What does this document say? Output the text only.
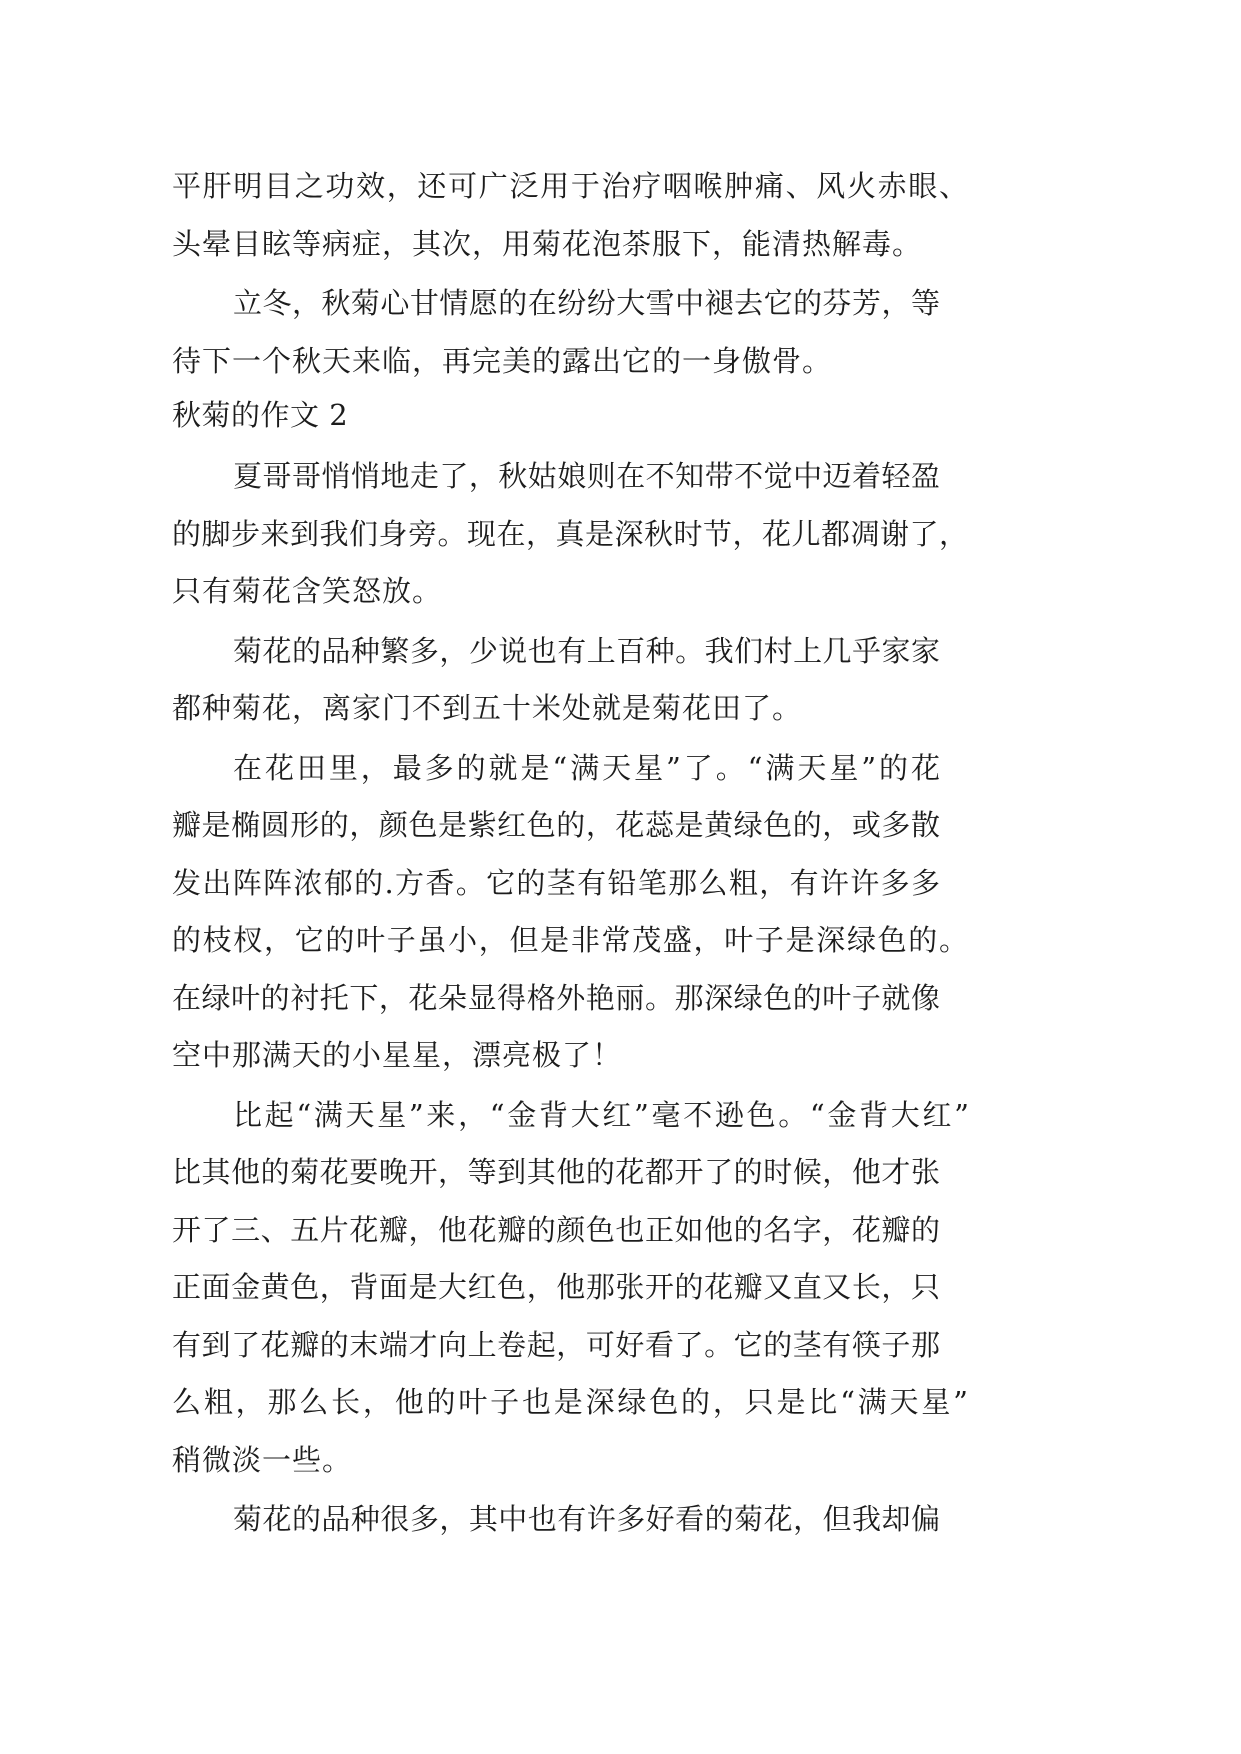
平肝明目之功效，还可广泛用于治疗咽喉肿痛、风火赤眼、
头晕目眩等病症，其次，用菊花泡茶服下，能清热解毒。
立冬，秋菊心甘情愿的在纷纷大雪中褪去它的芬芳，等
待下一个秋天来临，再完美的露出它的一身傲骨。
秋菊的作文 2
夏哥哥悄悄地走了，秋姑娘则在不知带不觉中迈着轻盈
的脚步来到我们身旁。现在，真是深秋时节，花儿都凋谢了，
只有菊花含笑怒放。
菊花的品种繁多，少说也有上百种。我们村上几乎家家
都种菊花，离家门不到五十米处就是菊花田了。
在花田里，最多的就是“满天星”了。“满天星”的花
瓣是椭圆形的，颜色是紫红色的，花蕊是黄绿色的，或多散
发出阵阵浓郁的.方香。它的茎有铅笔那么粗，有许许多多
的枝杈，它的叶子虽小，但是非常茂盛，叶子是深绿色的。
在绿叶的衬托下，花朵显得格外艳丽。那深绿色的叶子就像
空中那满天的小星星，漂亮极了！
比起“满天星”来，“金背大红”毫不逊色。“金背大红”
比其他的菊花要晚开，等到其他的花都开了的时候，他才张
开了三、五片花瓣，他花瓣的颜色也正如他的名字，花瓣的
正面金黄色，背面是大红色，他那张开的花瓣又直又长，只
有到了花瓣的末端才向上卷起，可好看了。它的茎有筷子那
么粗，那么长，他的叶子也是深绿色的，只是比“满天星”
稍微淡一些。
菊花的品种很多，其中也有许多好看的菊花，但我却偏
